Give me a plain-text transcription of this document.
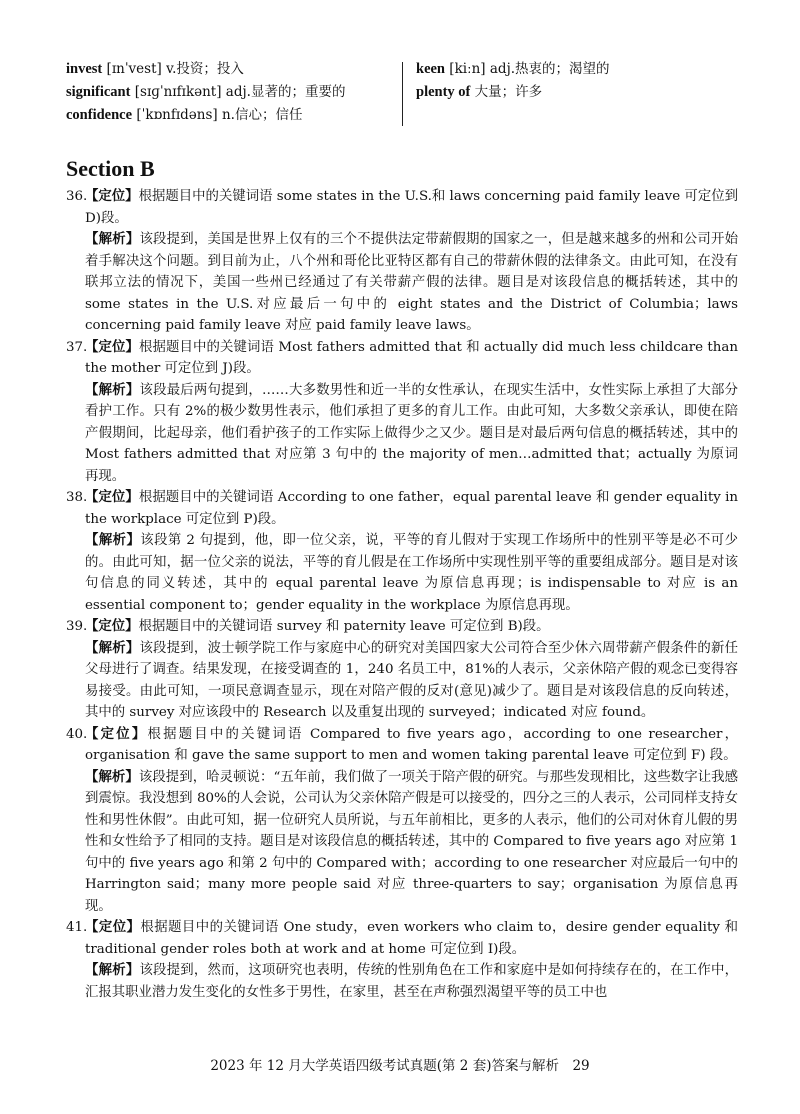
invest [ɪnˈvest] v.投资；投入
significant [sɪɡˈnɪfɪkənt] adj.显著的；重要的
confidence [ˈkɒnfɪdəns] n.信心；信任
keen [kiːn] adj.热衷的；渴望的
plenty of 大量；许多
Section B
36.
【定位】根据题目中的关键词语 some states in the U.S.和 laws concerning paid family leave 可定位到 D)段。
【解析】该段提到，美国是世界上仅有的三个不提供法定带薪假期的国家之一，但是越来越多的州和公司开始着手解决这个问题。到目前为止，八个州和哥伦比亚特区都有自己的带薪休假的法律条文。由此可知，在没有联邦立法的情况下，美国一些州已经通过了有关带薪产假的法律。题目是对该段信息的概括转述，其中的 some states in the U.S.对应最后一句中的 eight states and the District of Columbia；laws concerning paid family leave 对应 paid family leave laws。
37.
【定位】根据题目中的关键词语 Most fathers admitted that 和 actually did much less childcare than the mother 可定位到 J)段。
【解析】该段最后两句提到，……大多数男性和近一半的女性承认，在现实生活中，女性实际上承担了大部分看护工作。只有 2%的极少数男性表示，他们承担了更多的育儿工作。由此可知，大多数父亲承认，即使在陪产假期间，比起母亲，他们看护孩子的工作实际上做得少之又少。题目是对最后两句信息的概括转述，其中的 Most fathers admitted that 对应第 3 句中的 the majority of men…admitted that；actually 为原词再现。
38.
【定位】根据题目中的关键词语 According to one father，equal parental leave 和 gender equality in the workplace 可定位到 P)段。
【解析】该段第 2 句提到，他，即一位父亲，说，平等的育儿假对于实现工作场所中的性别平等是必不可少的。由此可知，据一位父亲的说法，平等的育儿假是在工作场所中实现性别平等的重要组成部分。题目是对该句信息的同义转述，其中的 equal parental leave 为原信息再现；is indispensable to 对应 is an essential component to；gender equality in the workplace 为原信息再现。
39.
【定位】根据题目中的关键词语 survey 和 paternity leave 可定位到 B)段。
【解析】该段提到，波士顿学院工作与家庭中心的研究对美国四家大公司符合至少休六周带薪产假条件的新任父母进行了调查。结果发现，在接受调查的 1，240 名员工中，81%的人表示，父亲休陪产假的观念已变得容易接受。由此可知，一项民意调查显示，现在对陪产假的反对(意见)减少了。题目是对该段信息的反向转述，其中的 survey 对应该段中的 Research 以及重复出现的 surveyed；indicated 对应 found。
40.
【定位】根据题目中的关键词语 Compared to five years ago，according to one researcher，organisation 和 gave the same support to men and women taking parental leave 可定位到 F) 段。
【解析】该段提到，哈灵顿说：“五年前，我们做了一项关于陪产假的研究。与那些发现相比，这些数字让我感到震惊。我没想到 80%的人会说，公司认为父亲休陪产假是可以接受的，四分之三的人表示，公司同样支持女性和男性休假”。由此可知，据一位研究人员所说，与五年前相比，更多的人表示，他们的公司对休育儿假的男性和女性给予了相同的支持。题目是对该段信息的概括转述，其中的 Compared to five years ago 对应第 1 句中的 five years ago 和第 2 句中的 Compared with；according to one researcher 对应最后一句中的 Harrington said；many more people said 对应 three-quarters to say；organisation 为原信息再现。
41.
【定位】根据题目中的关键词语 One study，even workers who claim to，desire gender equality 和 traditional gender roles both at work and at home 可定位到 I)段。
【解析】该段提到，然而，这项研究也表明，传统的性别角色在工作和家庭中是如何持续存在的，在工作中，汇报其职业潜力发生变化的女性多于男性，在家里，甚至在声称强烈渴望平等的员工中也
2023 年 12 月大学英语四级考试真题(第 2 套)答案与解析　29
